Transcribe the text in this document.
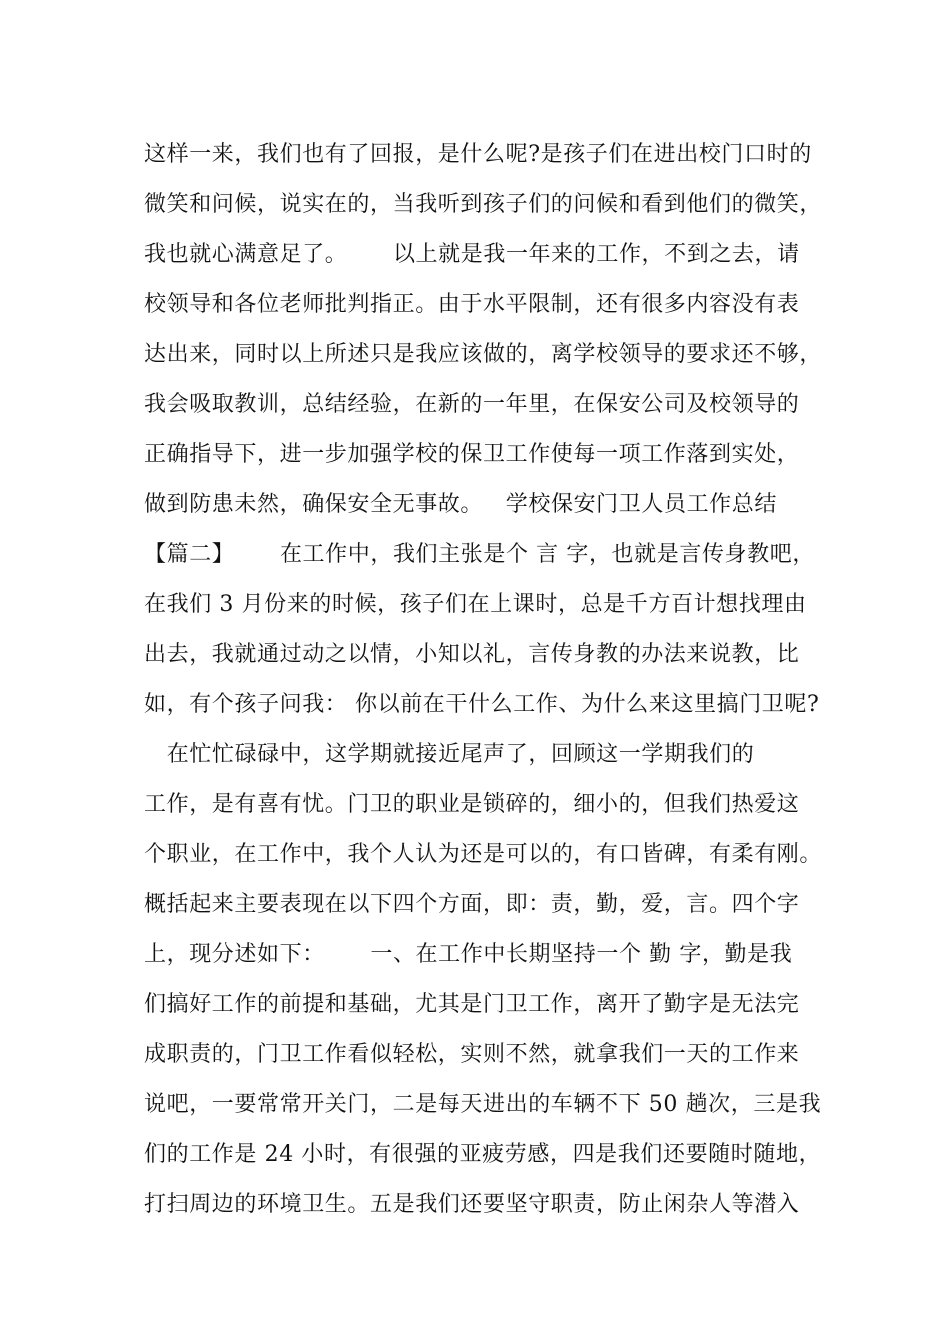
这样一来，我们也有了回报，是什么呢?是孩子们在进出校门口时的
微笑和问候，说实在的，当我听到孩子们的问候和看到他们的微笑，
我也就心满意足了。      以上就是我一年来的工作，不到之去，请
校领导和各位老师批判指正。由于水平限制，还有很多内容没有表
达出来，同时以上所述只是我应该做的，离学校领导的要求还不够，
我会吸取教训，总结经验，在新的一年里，在保安公司及校领导的
正确指导下，进一步加强学校的保卫工作使每一项工作落到实处，
做到防患未然，确保安全无事故。   学校保安门卫人员工作总结
【篇二】      在工作中，我们主张是个 言 字，也就是言传身教吧，
在我们 3 月份来的时候，孩子们在上课时，总是千方百计想找理由
出去，我就通过动之以情，小知以礼，言传身教的办法来说教，比
如，有个孩子问我： 你以前在干什么工作、为什么来这里搞门卫呢?
在忙忙碌碌中，这学期就接近尾声了，回顾这一学期我们的
工作，是有喜有忧。门卫的职业是锁碎的，细小的，但我们热爱这
个职业，在工作中，我个人认为还是可以的，有口皆碑，有柔有刚。
概括起来主要表现在以下四个方面，即：责，勤，爱，言。四个字
上，现分述如下：      一、在工作中长期坚持一个 勤 字，勤是我
们搞好工作的前提和基础，尤其是门卫工作，离开了勤字是无法完
成职责的，门卫工作看似轻松，实则不然，就拿我们一天的工作来
说吧，一要常常开关门，二是每天进出的车辆不下 50 趟次，三是我
们的工作是 24 小时，有很强的亚疲劳感，四是我们还要随时随地，
打扫周边的环境卫生。五是我们还要坚守职责，防止闲杂人等潜入
